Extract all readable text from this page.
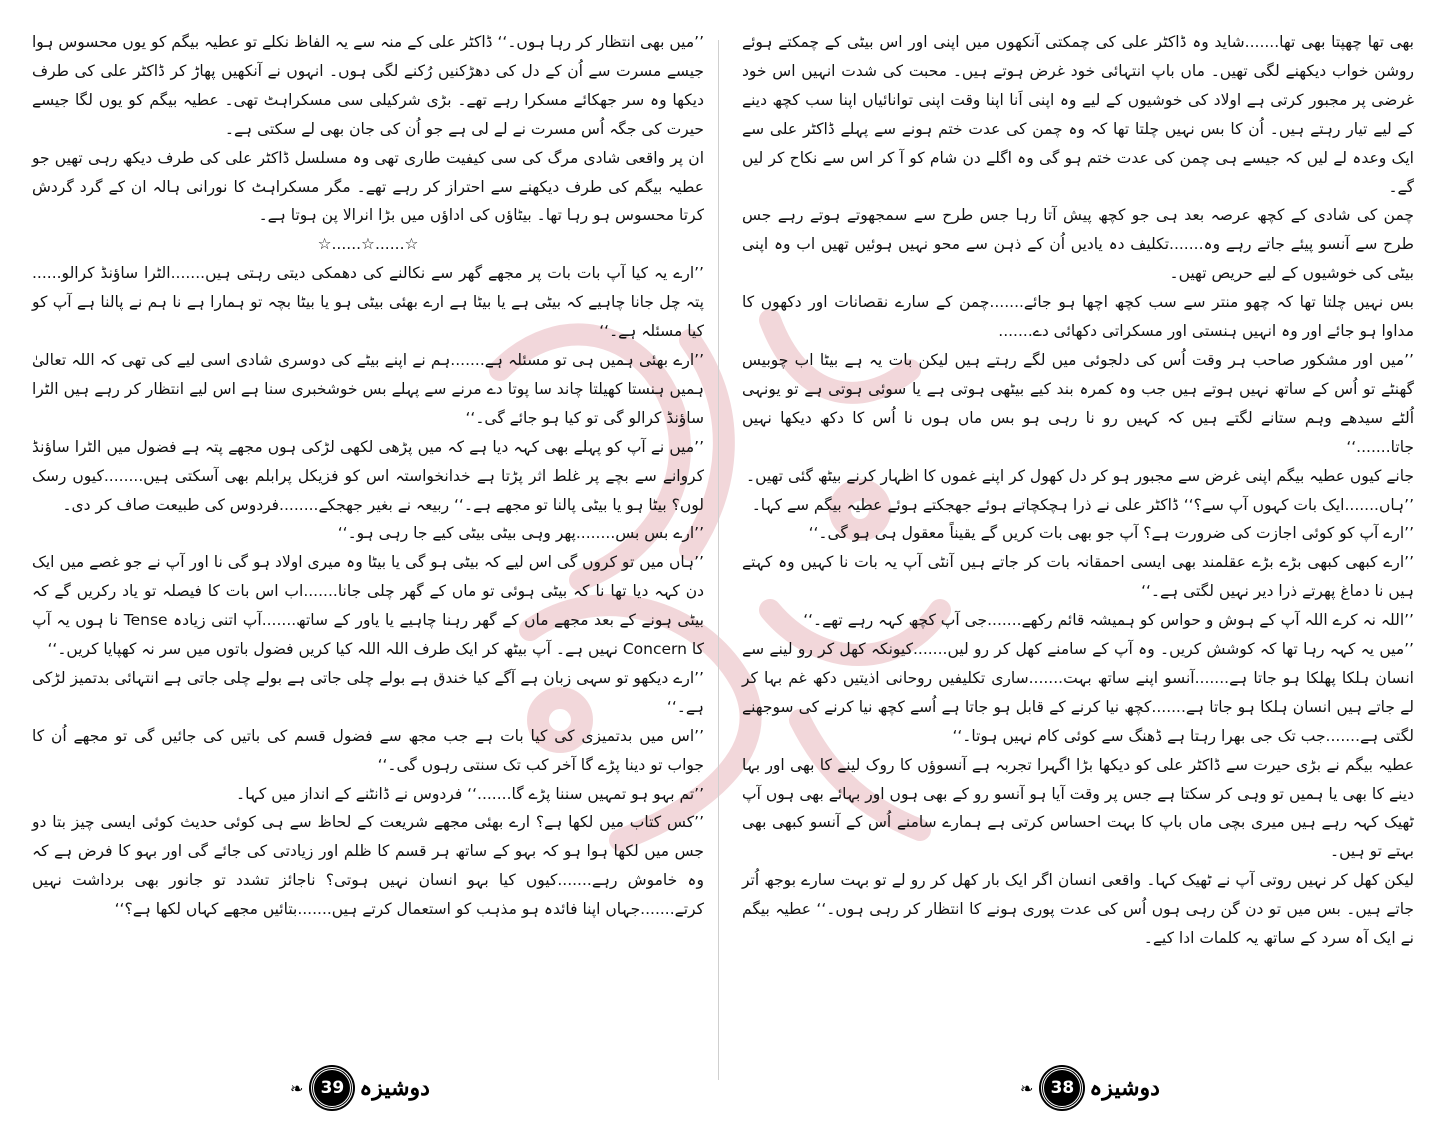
’’میں بھی انتظار کر رہا ہوں۔‘‘ ڈاکٹر علی کے منہ سے یہ الفاظ نکلے تو عطیہ بیگم کو یوں محسوس ہوا جیسے مسرت سے اُن کے دل کی دھڑکنیں رُکنے لگی ہوں۔ انہوں نے آنکھیں پھاڑ کر ڈاکٹر علی کی طرف دیکھا وہ سر جھکائے مسکرا رہے تھے۔ بڑی شرکیلی سی مسکراہٹ تھی۔ عطیہ بیگم کو یوں لگا جیسے حیرت کی جگہ اُس مسرت نے لے لی ہے جو اُن کی جان بھی لے سکتی ہے۔

ان پر واقعی شادی مرگ کی سی کیفیت طاری تھی وہ مسلسل ڈاکٹر علی کی طرف دیکھ رہی تھیں جو عطیہ بیگم کی طرف دیکھنے سے احتراز کر رہے تھے۔ مگر مسکراہٹ کا نورانی ہالہ ان کے گرد گردش کرتا محسوس ہو رہا تھا۔ بیٹاؤں کی اداؤں میں بڑا انرالا پن ہوتا ہے۔

☆......☆......☆

’’ارے یہ کیا آپ بات بات پر مجھے گھر سے نکالنے کی دھمکی دیتی رہتی ہیں.......الٹرا ساؤنڈ کرالو...... پتہ چل جانا چاہیے کہ بیٹی ہے یا بیٹا ہے ارے بھئی بیٹی ہو یا بیٹا بچہ تو ہمارا ہے نا ہم نے پالنا ہے آپ کو کیا مسئلہ ہے۔‘‘

’’ارے بھئی ہمیں ہی تو مسئلہ ہے.......ہم نے اپنے بیٹے کی دوسری شادی اسی لیے کی تھی کہ اللہ تعالیٰ ہمیں ہنستا کھیلتا چاند سا پوتا دے مرنے سے پہلے بس خوشخبری سنا ہے اس لیے انتظار کر رہے ہیں الٹرا ساؤنڈ کرالو گی تو کیا ہو جائے گی۔‘‘

’’میں نے آپ کو پہلے بھی کہہ دیا ہے کہ میں پڑھی لکھی لڑکی ہوں مجھے پتہ ہے فضول میں الٹرا ساؤنڈ کروانے سے بچے پر غلط اثر پڑتا ہے خدانخواستہ اس کو فزیکل پرابلم بھی آسکتی ہیں........کیوں رسک لوں؟ بیٹا ہو یا بیٹی پالنا تو مجھے ہے۔‘‘ ربیعہ نے بغیر جھجکے........فردوس کی طبیعت صاف کر دی۔

’’ارے بس بس........پھر وہی بیٹی بیٹی کیے جا رہی ہو۔‘‘

’’ہاں میں تو کروں گی اس لیے کہ بیٹی ہو گی یا بیٹا وہ میری اولاد ہو گی نا اور آپ نے جو غصے میں ایک دن کہہ دیا تھا نا کہ بیٹی ہوئی تو ماں کے گھر چلی جانا.......اب اس بات کا فیصلہ تو یاد رکریں گے کہ بیٹی ہونے کے بعد مجھے ماں کے گھر رہنا چاہیے یا یاور کے ساتھ.......آپ اتنی زیادہ Tense نا ہوں یہ آپ کا Concern نہیں ہے۔ آپ بیٹھ کر ایک طرف اللہ اللہ کیا کریں فضول باتوں میں سر نہ کھپایا کریں۔‘‘

’’ارے دیکھو تو سہی زبان ہے آگے کیا خندق ہے بولے چلی جاتی ہے بولے چلی جاتی ہے انتہائی بدتمیز لڑکی ہے۔‘‘

’’اس میں بدتمیزی کی کیا بات ہے جب مجھ سے فضول قسم کی باتیں کی جائیں گی تو مجھے اُن کا جواب تو دینا پڑے گا آخر کب تک سنتی رہوں گی۔‘‘

’’تم بہو ہو تمہیں سننا پڑے گا.......‘‘ فردوس نے ڈانٹنے کے انداز میں کہا۔

’’کس کتاب میں لکھا ہے؟ ارے بھئی مجھے شریعت کے لحاظ سے ہی کوئی حدیث کوئی ایسی چیز بتا دو جس میں لکھا ہوا ہو کہ بہو کے ساتھ ہر قسم کا ظلم اور زیادتی کی جائے گی اور بہو کا فرض ہے کہ وہ خاموش رہے.......کیوں کیا بہو انسان نہیں ہوتی؟ ناجائز تشدد تو جانور بھی برداشت نہیں کرتے.......جہاں اپنا فائدہ ہو مذہب کو استعمال کرتے ہیں.......بتائیں مجھے کہاں لکھا ہے؟‘‘

بھی تھا چھپتا بھی تھا.......شاید وہ ڈاکٹر علی کی چمکتی آنکھوں میں اپنی اور اس بیٹی کے چمکتے ہوئے روشن خواب دیکھنے لگی تھیں۔ ماں باپ انتہائی خود غرض ہوتے ہیں۔ محبت کی شدت انہیں اس خود غرضی پر مجبور کرتی ہے اولاد کی خوشیوں کے لیے وہ اپنی اَنا اپنا وقت اپنی توانائیاں اپنا سب کچھ دینے کے لیے تیار رہتے ہیں۔ اُن کا بس نہیں چلتا تھا کہ وہ چمن کی عدت ختم ہونے سے پہلے ڈاکٹر علی سے ایک وعدہ لے لیں کہ جیسے ہی چمن کی عدت ختم ہو گی وہ اگلے دن شام کو آ کر اس سے نکاح کر لیں گے۔

چمن کی شادی کے کچھ عرصہ بعد ہی جو کچھ پیش آتا رہا جس طرح سے سمجھوتے ہوتے رہے جس طرح سے آنسو پیئے جاتے رہے وہ.......تکلیف دہ یادیں اُن کے ذہن سے محو نہیں ہوئیں تھیں اب وہ اپنی بیٹی کی خوشیوں کے لیے حریص تھیں۔

بس نہیں چلتا تھا کہ چھو منتر سے سب کچھ اچھا ہو جائے.......چمن کے سارے نقصانات اور دکھوں کا مداوا ہو جائے اور وہ انہیں ہنستی اور مسکراتی دکھائی دے.......

’’میں اور مشکور صاحب ہر وقت اُس کی دلجوئی میں لگے رہتے ہیں لیکن بات یہ ہے بیٹا اب چوبیس گھنٹے تو اُس کے ساتھ نہیں ہوتے ہیں جب وہ کمرہ بند کیے بیٹھی ہوتی ہے یا سوئی ہوتی ہے تو یونہی اُلٹے سیدھے وہم ستانے لگتے ہیں کہ کہیں رو نا رہی ہو بس ماں ہوں نا اُس کا دکھ دیکھا نہیں جاتا.......‘‘

جانے کیوں عطیہ بیگم اپنی غرض سے مجبور ہو کر دل کھول کر اپنے غموں کا اظہار کرنے بیٹھ گئی تھیں۔

’’ہاں.......ایک بات کہوں آپ سے؟‘‘ ڈاکٹر علی نے ذرا ہچکچاتے ہوئے جھجکتے ہوئے عطیہ بیگم سے کہا۔

’’ارے آپ کو کوئی اجازت کی ضرورت ہے؟ آپ جو بھی بات کریں گے یقیناً معقول ہی ہو گی۔‘‘

’’ارے کبھی کبھی بڑے بڑے عقلمند بھی ایسی احمقانہ بات کر جاتے ہیں آنٹی آپ یہ بات نا کہیں وہ کہتے ہیں نا دماغ پھرتے ذرا دیر نہیں لگتی ہے۔‘‘

’’اللہ نہ کرے اللہ آپ کے ہوش و حواس کو ہمیشہ قائم رکھے.......جی آپ کچھ کہہ رہے تھے۔‘‘

’’میں یہ کہہ رہا تھا کہ کوشش کریں۔ وہ آپ کے سامنے کھل کر رو لیں.......کیونکہ کھل کر رو لینے سے انسان ہلکا پھلکا ہو جاتا ہے.......آنسو اپنے ساتھ بہت.......ساری تکلیفیں روحانی اذیتیں دکھ غم بہا کر لے جاتے ہیں انسان ہلکا ہو جاتا ہے.......کچھ نیا کرنے کے قابل ہو جاتا ہے اُسے کچھ نیا کرنے کی سوجھنے لگتی ہے.......جب تک جی بھرا رہتا ہے ڈھنگ سے کوئی کام نہیں ہوتا۔‘‘

عطیہ بیگم نے بڑی حیرت سے ڈاکٹر علی کو دیکھا بڑا اگہرا تجربہ ہے آنسوؤں کا روک لینے کا بھی اور بہا دینے کا بھی یا ہمیں تو وہی کر سکتا ہے جس پر وقت آیا ہو آنسو رو کے بھی ہوں اور بہائے بھی ہوں آپ ٹھیک کہہ رہے ہیں میری بچی ماں باپ کا بہت احساس کرتی ہے ہمارے سامنے اُس کے آنسو کبھی بھی بہتے تو ہیں۔

لیکن کھل کر نہیں روتی آپ نے ٹھیک کہا۔ واقعی انسان اگر ایک بار کھل کر رو لے تو بہت سارے بوجھ اُتر جاتے ہیں۔ بس میں تو دن گن رہی ہوں اُس کی عدت پوری ہونے کا انتظار کر رہی ہوں۔‘‘ عطیہ بیگم نے ایک آہ سرد کے ساتھ یہ کلمات ادا کیے۔

❧ 39 دوشیزہ	❧ 38 دوشیزہ
